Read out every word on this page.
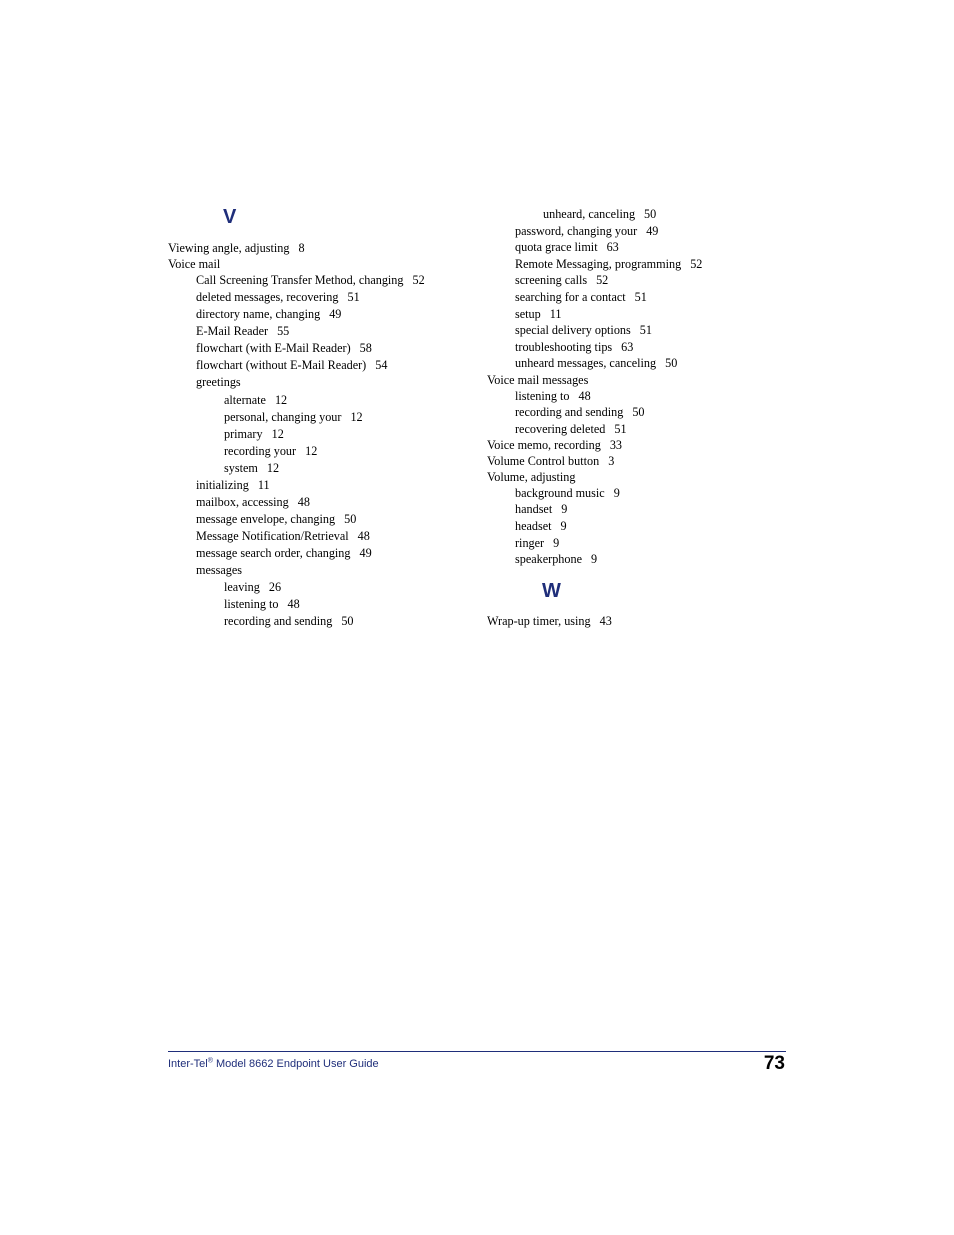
V
W
Viewing angle, adjusting 8
Voice mail
Call Screening Transfer Method, changing 52
deleted messages, recovering 51
directory name, changing 49
E-Mail Reader 55
flowchart (with E-Mail Reader) 58
flowchart (without E-Mail Reader) 54
greetings
alternate 12
personal, changing your 12
primary 12
recording your 12
system 12
initializing 11
mailbox, accessing 48
message envelope, changing 50
Message Notification/Retrieval 48
message search order, changing 49
messages
leaving 26
listening to 48
recording and sending 50
unheard, canceling 50
password, changing your 49
quota grace limit 63
Remote Messaging, programming 52
screening calls 52
searching for a contact 51
setup 11
special delivery options 51
troubleshooting tips 63
unheard messages, canceling 50
Voice mail messages
listening to 48
recording and sending 50
recovering deleted 51
Voice memo, recording 33
Volume Control button 3
Volume, adjusting
background music 9
handset 9
headset 9
ringer 9
speakerphone 9
Wrap-up timer, using 43
Inter-Tel® Model 8662 Endpoint User Guide	73
